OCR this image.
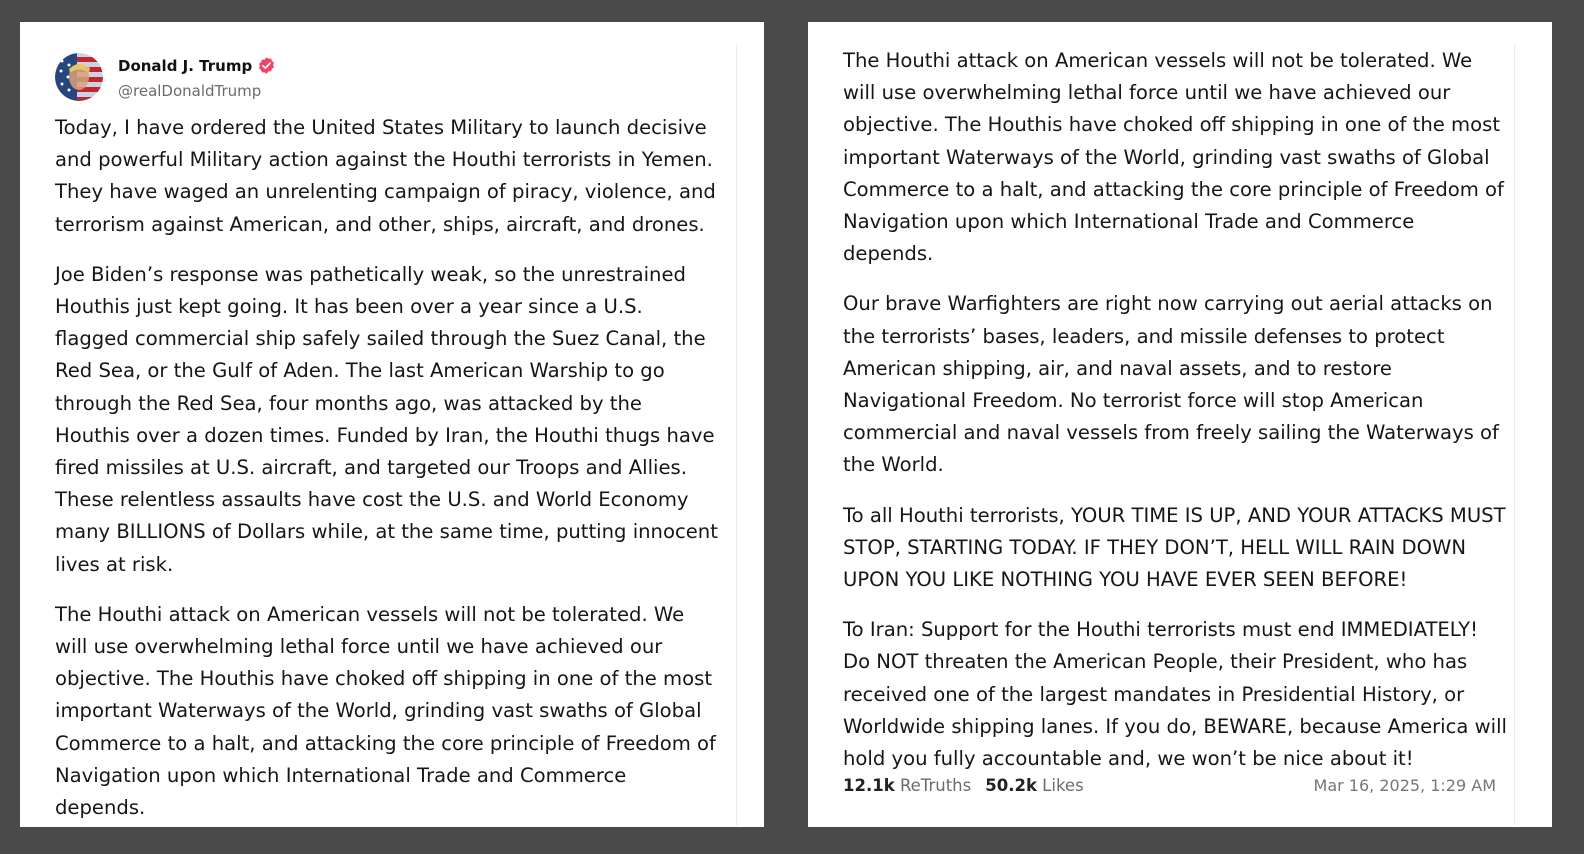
Donald J. Trump
@realDonaldTrump

Today, I have ordered the United States Military to launch decisive and powerful Military action against the Houthi terrorists in Yemen. They have waged an unrelenting campaign of piracy, violence, and terrorism against American, and other, ships, aircraft, and drones.

Joe Biden’s response was pathetically weak, so the unrestrained Houthis just kept going. It has been over a year since a U.S. flagged commercial ship safely sailed through the Suez Canal, the Red Sea, or the Gulf of Aden. The last American Warship to go through the Red Sea, four months ago, was attacked by the Houthis over a dozen times. Funded by Iran, the Houthi thugs have fired missiles at U.S. aircraft, and targeted our Troops and Allies. These relentless assaults have cost the U.S. and World Economy many BILLIONS of Dollars while, at the same time, putting innocent lives at risk.

The Houthi attack on American vessels will not be tolerated. We will use overwhelming lethal force until we have achieved our objective. The Houthis have choked off shipping in one of the most important Waterways of the World, grinding vast swaths of Global Commerce to a halt, and attacking the core principle of Freedom of Navigation upon which International Trade and Commerce depends.

The Houthi attack on American vessels will not be tolerated. We will use overwhelming lethal force until we have achieved our objective. The Houthis have choked off shipping in one of the most important Waterways of the World, grinding vast swaths of Global Commerce to a halt, and attacking the core principle of Freedom of Navigation upon which International Trade and Commerce depends.

Our brave Warfighters are right now carrying out aerial attacks on the terrorists’ bases, leaders, and missile defenses to protect American shipping, air, and naval assets, and to restore Navigational Freedom. No terrorist force will stop American commercial and naval vessels from freely sailing the Waterways of the World.

To all Houthi terrorists, YOUR TIME IS UP, AND YOUR ATTACKS MUST STOP, STARTING TODAY. IF THEY DON’T, HELL WILL RAIN DOWN UPON YOU LIKE NOTHING YOU HAVE EVER SEEN BEFORE!

To Iran: Support for the Houthi terrorists must end IMMEDIATELY! Do NOT threaten the American People, their President, who has received one of the largest mandates in Presidential History, or Worldwide shipping lanes. If you do, BEWARE, because America will hold you fully accountable and, we won’t be nice about it!

12.1k ReTruths 50.2k Likes	Mar 16, 2025, 1:29 AM
